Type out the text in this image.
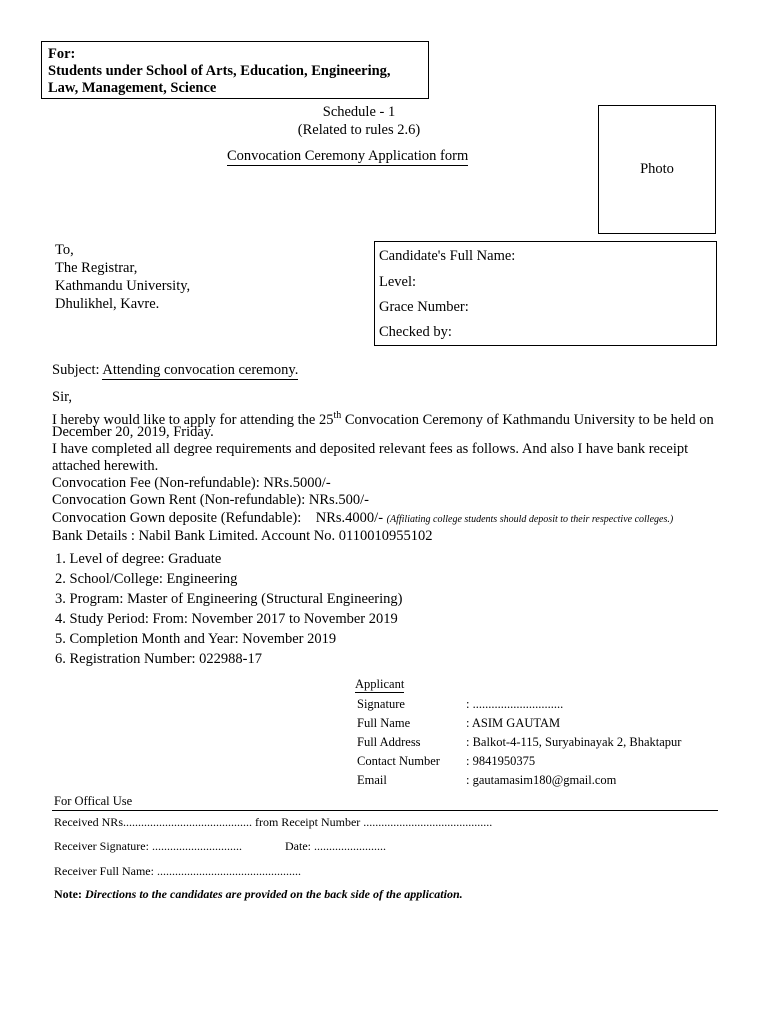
For:
Students under School of Arts, Education, Engineering,
Law, Management, Science
Schedule - 1
(Related to rules 2.6)
Convocation Ceremony Application form
Photo
To,
The Registrar,
Kathmandu University,
Dhulikhel, Kavre.
Candidate's Full Name:
Level:
Grace Number:
Checked by:
Subject: Attending convocation ceremony.
Sir,
I hereby would like to apply for attending the 25th Convocation Ceremony of Kathmandu University to be held on
December 20, 2019, Friday.
I have completed all degree requirements and deposited relevant fees as follows. And also I have bank receipt
attached herewith.
Convocation Fee (Non-refundable): NRs.5000/-
Convocation Gown Rent (Non-refundable): NRs.500/-
Convocation Gown deposite (Refundable):    NRs.4000/- (Affiliating college students should deposit to their respective colleges.)
Bank Details : Nabil Bank Limited. Account No. 0110010955102
1. Level of degree: Graduate
2. School/College: Engineering
3. Program: Master of Engineering (Structural Engineering)
4. Study Period: From: November 2017 to November 2019
5. Completion Month and Year: November 2019
6. Registration Number: 022988-17
Applicant
Signature	: .............................
Full Name	: ASIM GAUTAM
Full Address	: Balkot-4-115, Suryabinayak 2, Bhaktapur
Contact Number	: 9841950375
Email	: gautamasim180@gmail.com
For Offical Use
Received NRs........................................... from Receipt Number ...........................................
Receiver Signature: ..............................	Date: ........................
Receiver Full Name: ................................................
Note: Directions to the candidates are provided on the back side of the application.
